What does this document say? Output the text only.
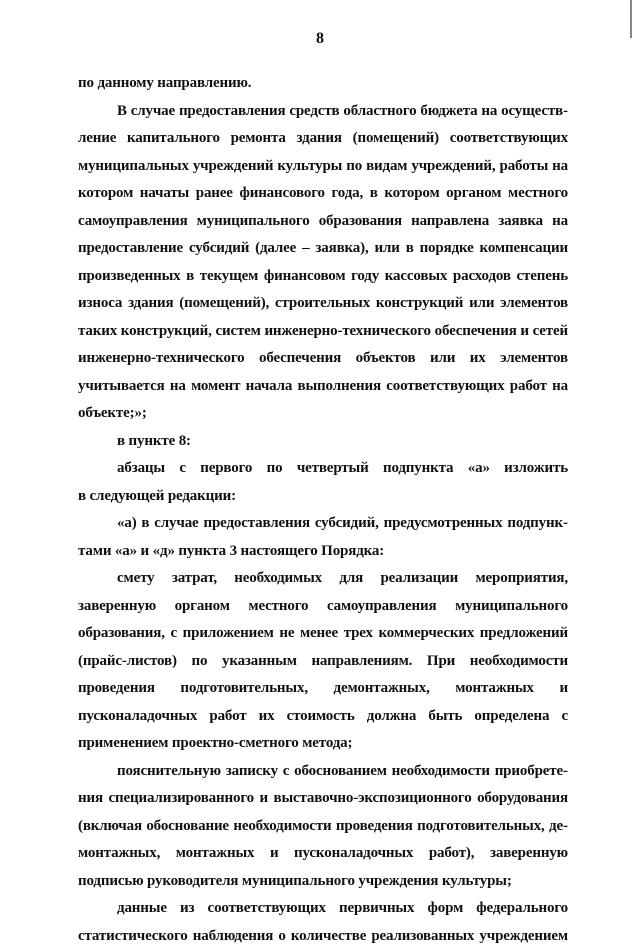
8

по данному направлению.

В случае предоставления средств областного бюджета на осуществление капитального ремонта здания (помещений) соответствующих муниципальных учреждений культуры по видам учреждений, работы на котором начаты ранее финансового года, в котором органом местного самоуправления муниципального образования направлена заявка на предоставление субсидий (далее – заявка), или в порядке компенсации произведенных в текущем финансовом году кассовых расходов степень износа здания (помещений), строительных конструкций или элементов таких конструкций, систем инженерно-технического обеспечения и сетей инженерно-технического обеспечения объектов или их элементов учитывается на момент начала выполнения соответствующих работ на объекте;»;

в пункте 8:

абзацы с первого по четвертый подпункта «а» изложить

в следующей редакции:

«а) в случае предоставления субсидий, предусмотренных подпунктами «а» и «д» пункта 3 настоящего Порядка:

смету затрат, необходимых для реализации мероприятия, заверенную органом местного самоуправления муниципального образования, с приложением не менее трех коммерческих предложений (прайс-листов) по указанным направлениям. При необходимости проведения подготовительных, демонтажных, монтажных и пусконаладочных работ их стоимость должна быть определена с применением проектно-сметного метода;

пояснительную записку с обоснованием необходимости приобретения специализированного и выставочно-экспозиционного оборудования (включая обоснование необходимости проведения подготовительных, демонтажных, монтажных и пусконаладочных работ), заверенную подписью руководителя муниципального учреждения культуры;

данные из соответствующих первичных форм федерального

статистического наблюдения о количестве реализованных учреждением
